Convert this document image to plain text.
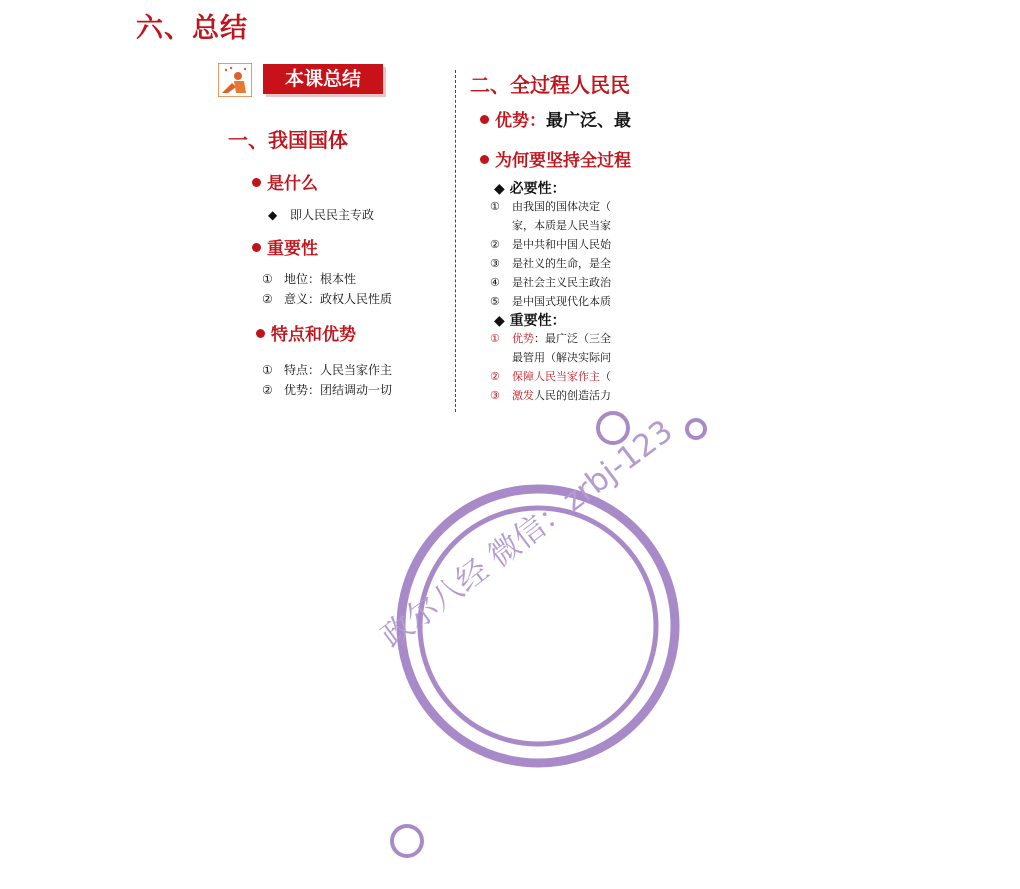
六、总结
本课总结
一、我国国体
是什么
◆ 即人民民主专政
重要性
① 地位：根本性
② 意义：政权人民性质
特点和优势
① 特点：人民当家作主
② 优势：团结调动一切
二、全过程人民民
优势：最广泛、最
为何要坚持全过程
◆ 必要性：
① 由我国的国体决定（
家，本质是人民当家
② 是中共和中国人民始
③ 是社义的生命，是全
④ 是社会主义民主政治
⑤ 是中国式现代化本质
◆ 重要性：
① 优势：最广泛（三全
最管用（解决实际问
② 保障人民当家作主（
③ 激发人民的创造活力
政尔八经 微信：zrbj-123
